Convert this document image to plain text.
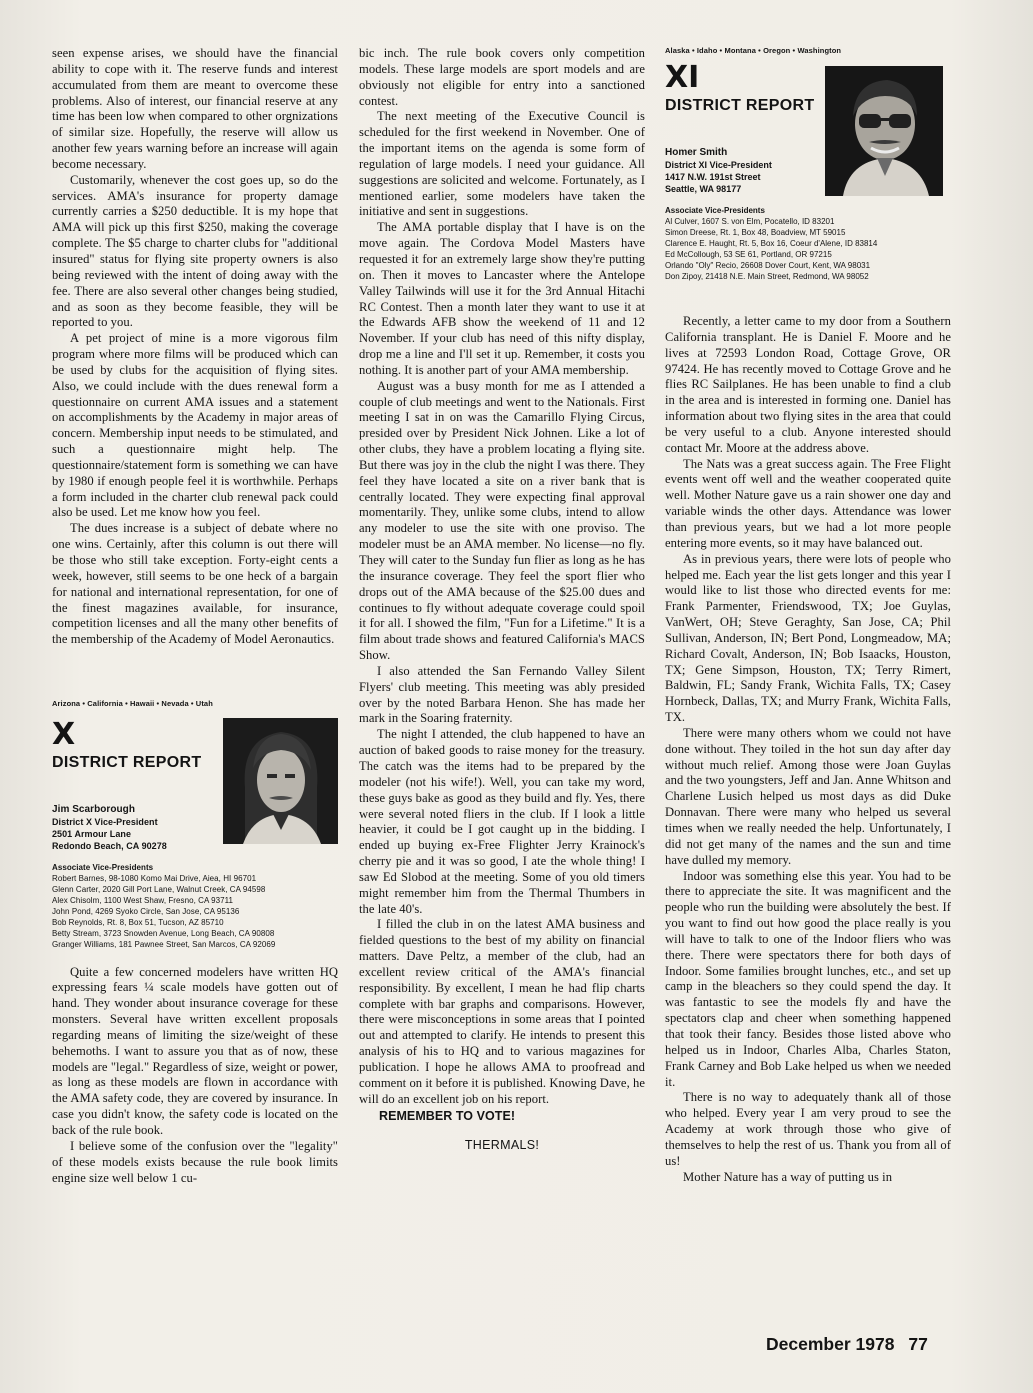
seen expense arises, we should have the financial ability to cope with it. The reserve funds and interest accumulated from them are meant to overcome these problems. Also of interest, our financial reserve at any time has been low when compared to other orgnizations of similar size. Hopefully, the reserve will allow us another few years warning before an increase will again become necessary.

Customarily, whenever the cost goes up, so do the services. AMA's insurance for property damage currently carries a $250 deductible. It is my hope that AMA will pick up this first $250, making the coverage complete. The $5 charge to charter clubs for "additional insured" status for flying site property owners is also being reviewed with the intent of doing away with the fee. There are also several other changes being studied, and as soon as they become feasible, they will be reported to you.

A pet project of mine is a more vigorous film program where more films will be produced which can be used by clubs for the acquisition of flying sites. Also, we could include with the dues renewal form a questionnaire on current AMA issues and a statement on accomplishments by the Academy in major areas of concern. Membership input needs to be stimulated, and such a questionnaire might help. The questionnaire/statement form is something we can have by 1980 if enough people feel it is worthwhile. Perhaps a form included in the charter club renewal pack could also be used. Let me know how you feel.

The dues increase is a subject of debate where no one wins. Certainly, after this column is out there will be those who still take exception. Forty-eight cents a week, however, still seems to be one heck of a bargain for national and international representation, for one of the finest magazines available, for insurance, competition licenses and all the many other benefits of the membership of the Academy of Model Aeronautics.

Arizona • California • Hawaii • Nevada • Utah
X
DISTRICT REPORT
Jim Scarborough
District X Vice-President
2501 Armour Lane
Redondo Beach, CA 90278
Associate Vice-Presidents
Robert Barnes, 98-1080 Komo Mai Drive, Aiea, HI 96701
Glenn Carter, 2020 Gill Port Lane, Walnut Creek, CA 94598
Alex Chisolm, 1100 West Shaw, Fresno, CA 93711
John Pond, 4269 Syoko Circle, San Jose, CA 95136
Bob Reynolds, Rt. 8, Box 51, Tucson, AZ 85710
Betty Stream, 3723 Snowden Avenue, Long Beach, CA 90808
Granger Williams, 181 Pawnee Street, San Marcos, CA 92069

Quite a few concerned modelers have written HQ expressing fears ¼ scale models have gotten out of hand. They wonder about insurance coverage for these monsters. Several have written excellent proposals regarding means of limiting the size/weight of these behemoths. I want to assure you that as of now, these models are "legal." Regardless of size, weight or power, as long as these models are flown in accordance with the AMA safety code, they are covered by insurance. In case you didn't know, the safety code is located on the back of the rule book.

I believe some of the confusion over the "legality" of these models exists because the rule book limits engine size well below 1 cu-

bic inch. The rule book covers only competition models. These large models are sport models and are obviously not eligible for entry into a sanctioned contest.

The next meeting of the Executive Council is scheduled for the first weekend in November. One of the important items on the agenda is some form of regulation of large models. I need your guidance. All suggestions are solicited and welcome. Fortunately, as I mentioned earlier, some modelers have taken the initiative and sent in suggestions.

The AMA portable display that I have is on the move again. The Cordova Model Masters have requested it for an extremely large show they're putting on. Then it moves to Lancaster where the Antelope Valley Tailwinds will use it for the 3rd Annual Hitachi RC Contest. Then a month later they want to use it at the Edwards AFB show the weekend of 11 and 12 November. If your club has need of this nifty display, drop me a line and I'll set it up. Remember, it costs you nothing. It is another part of your AMA membership.

August was a busy month for me as I attended a couple of club meetings and went to the Nationals. First meeting I sat in on was the Camarillo Flying Circus, presided over by President Nick Johnen. Like a lot of other clubs, they have a problem locating a flying site. But there was joy in the club the night I was there. They feel they have located a site on a river bank that is centrally located. They were expecting final approval momentarily. They, unlike some clubs, intend to allow any modeler to use the site with one proviso. The modeler must be an AMA member. No license—no fly. They will cater to the Sunday fun flier as long as he has the insurance coverage. They feel the sport flier who drops out of the AMA because of the $25.00 dues and continues to fly without adequate coverage could spoil it for all. I showed the film, "Fun for a Lifetime." It is a film about trade shows and featured California's MACS Show.

I also attended the San Fernando Valley Silent Flyers' club meeting. This meeting was ably presided over by the noted Barbara Henon. She has made her mark in the Soaring fraternity.

The night I attended, the club happened to have an auction of baked goods to raise money for the treasury. The catch was the items had to be prepared by the modeler (not his wife!). Well, you can take my word, these guys bake as good as they build and fly. Yes, there were several noted fliers in the club. If I look a little heavier, it could be I got caught up in the bidding. I ended up buying ex-Free Flighter Jerry Krainock's cherry pie and it was so good, I ate the whole thing! I saw Ed Slobod at the meeting. Some of you old timers might remember him from the Thermal Thumbers in the late 40's.

I filled the club in on the latest AMA business and fielded questions to the best of my ability on financial matters. Dave Peltz, a member of the club, had an excellent review critical of the AMA's financial responsibility. By excellent, I mean he had flip charts complete with bar graphs and comparisons. However, there were misconceptions in some areas that I pointed out and attempted to clarify. He intends to present this analysis of his to HQ and to various magazines for publication. I hope he allows AMA to proofread and comment on it before it is published. Knowing Dave, he will do an excellent job on his report.

REMEMBER TO VOTE!

THERMALS!

Alaska • Idaho • Montana • Oregon • Washington
XI
DISTRICT REPORT
Homer Smith
District XI Vice-President
1417 N.W. 191st Street
Seattle, WA 98177
Associate Vice-Presidents
Al Culver, 1607 S. von Elm, Pocatello, ID 83201
Simon Dreese, Rt. 1, Box 48, Boadview, MT 59015
Clarence E. Haught, Rt. 5, Box 16, Coeur d'Alene, ID 83814
Ed McCollough, 53 SE 61, Portland, OR 97215
Orlando "Oly" Recio, 26608 Dover Court, Kent, WA 98031
Don Zipoy, 21418 N.E. Main Street, Redmond, WA 98052

Recently, a letter came to my door from a Southern California transplant. He is Daniel F. Moore and he lives at 72593 London Road, Cottage Grove, OR 97424. He has recently moved to Cottage Grove and he flies RC Sailplanes. He has been unable to find a club in the area and is interested in forming one. Daniel has information about two flying sites in the area that could be very useful to a club. Anyone interested should contact Mr. Moore at the address above.

The Nats was a great success again. The Free Flight events went off well and the weather cooperated quite well. Mother Nature gave us a rain shower one day and variable winds the other days. Attendance was lower than previous years, but we had a lot more people entering more events, so it may have balanced out.

As in previous years, there were lots of people who helped me. Each year the list gets longer and this year I would like to list those who directed events for me: Frank Parmenter, Friendswood, TX; Joe Guylas, VanWert, OH; Steve Geraghty, San Jose, CA; Phil Sullivan, Anderson, IN; Bert Pond, Longmeadow, MA; Richard Covalt, Anderson, IN; Bob Isaacks, Houston, TX; Gene Simpson, Houston, TX; Terry Rimert, Baldwin, FL; Sandy Frank, Wichita Falls, TX; Casey Hornbeck, Dallas, TX; and Murry Frank, Wichita Falls, TX.

There were many others whom we could not have done without. They toiled in the hot sun day after day without much relief. Among those were Joan Guylas and the two youngsters, Jeff and Jan. Anne Whitson and Charlene Lusich helped us most days as did Duke Donnavan. There were many who helped us several times when we really needed the help. Unfortunately, I did not get many of the names and the sun and time have dulled my memory.

Indoor was something else this year. You had to be there to appreciate the site. It was magnificent and the people who run the building were absolutely the best. If you want to find out how good the place really is you will have to talk to one of the Indoor fliers who was there. There were spectators there for both days of Indoor. Some families brought lunches, etc., and set up camp in the bleachers so they could spend the day. It was fantastic to see the models fly and have the spectators clap and cheer when something happened that took their fancy. Besides those listed above who helped us in Indoor, Charles Alba, Charles Staton, Frank Carney and Bob Lake helped us when we needed it.

There is no way to adequately thank all of those who helped. Every year I am very proud to see the Academy at work through those who give of themselves to help the rest of us. Thank you from all of us!

Mother Nature has a way of putting us in

December 1978 77
